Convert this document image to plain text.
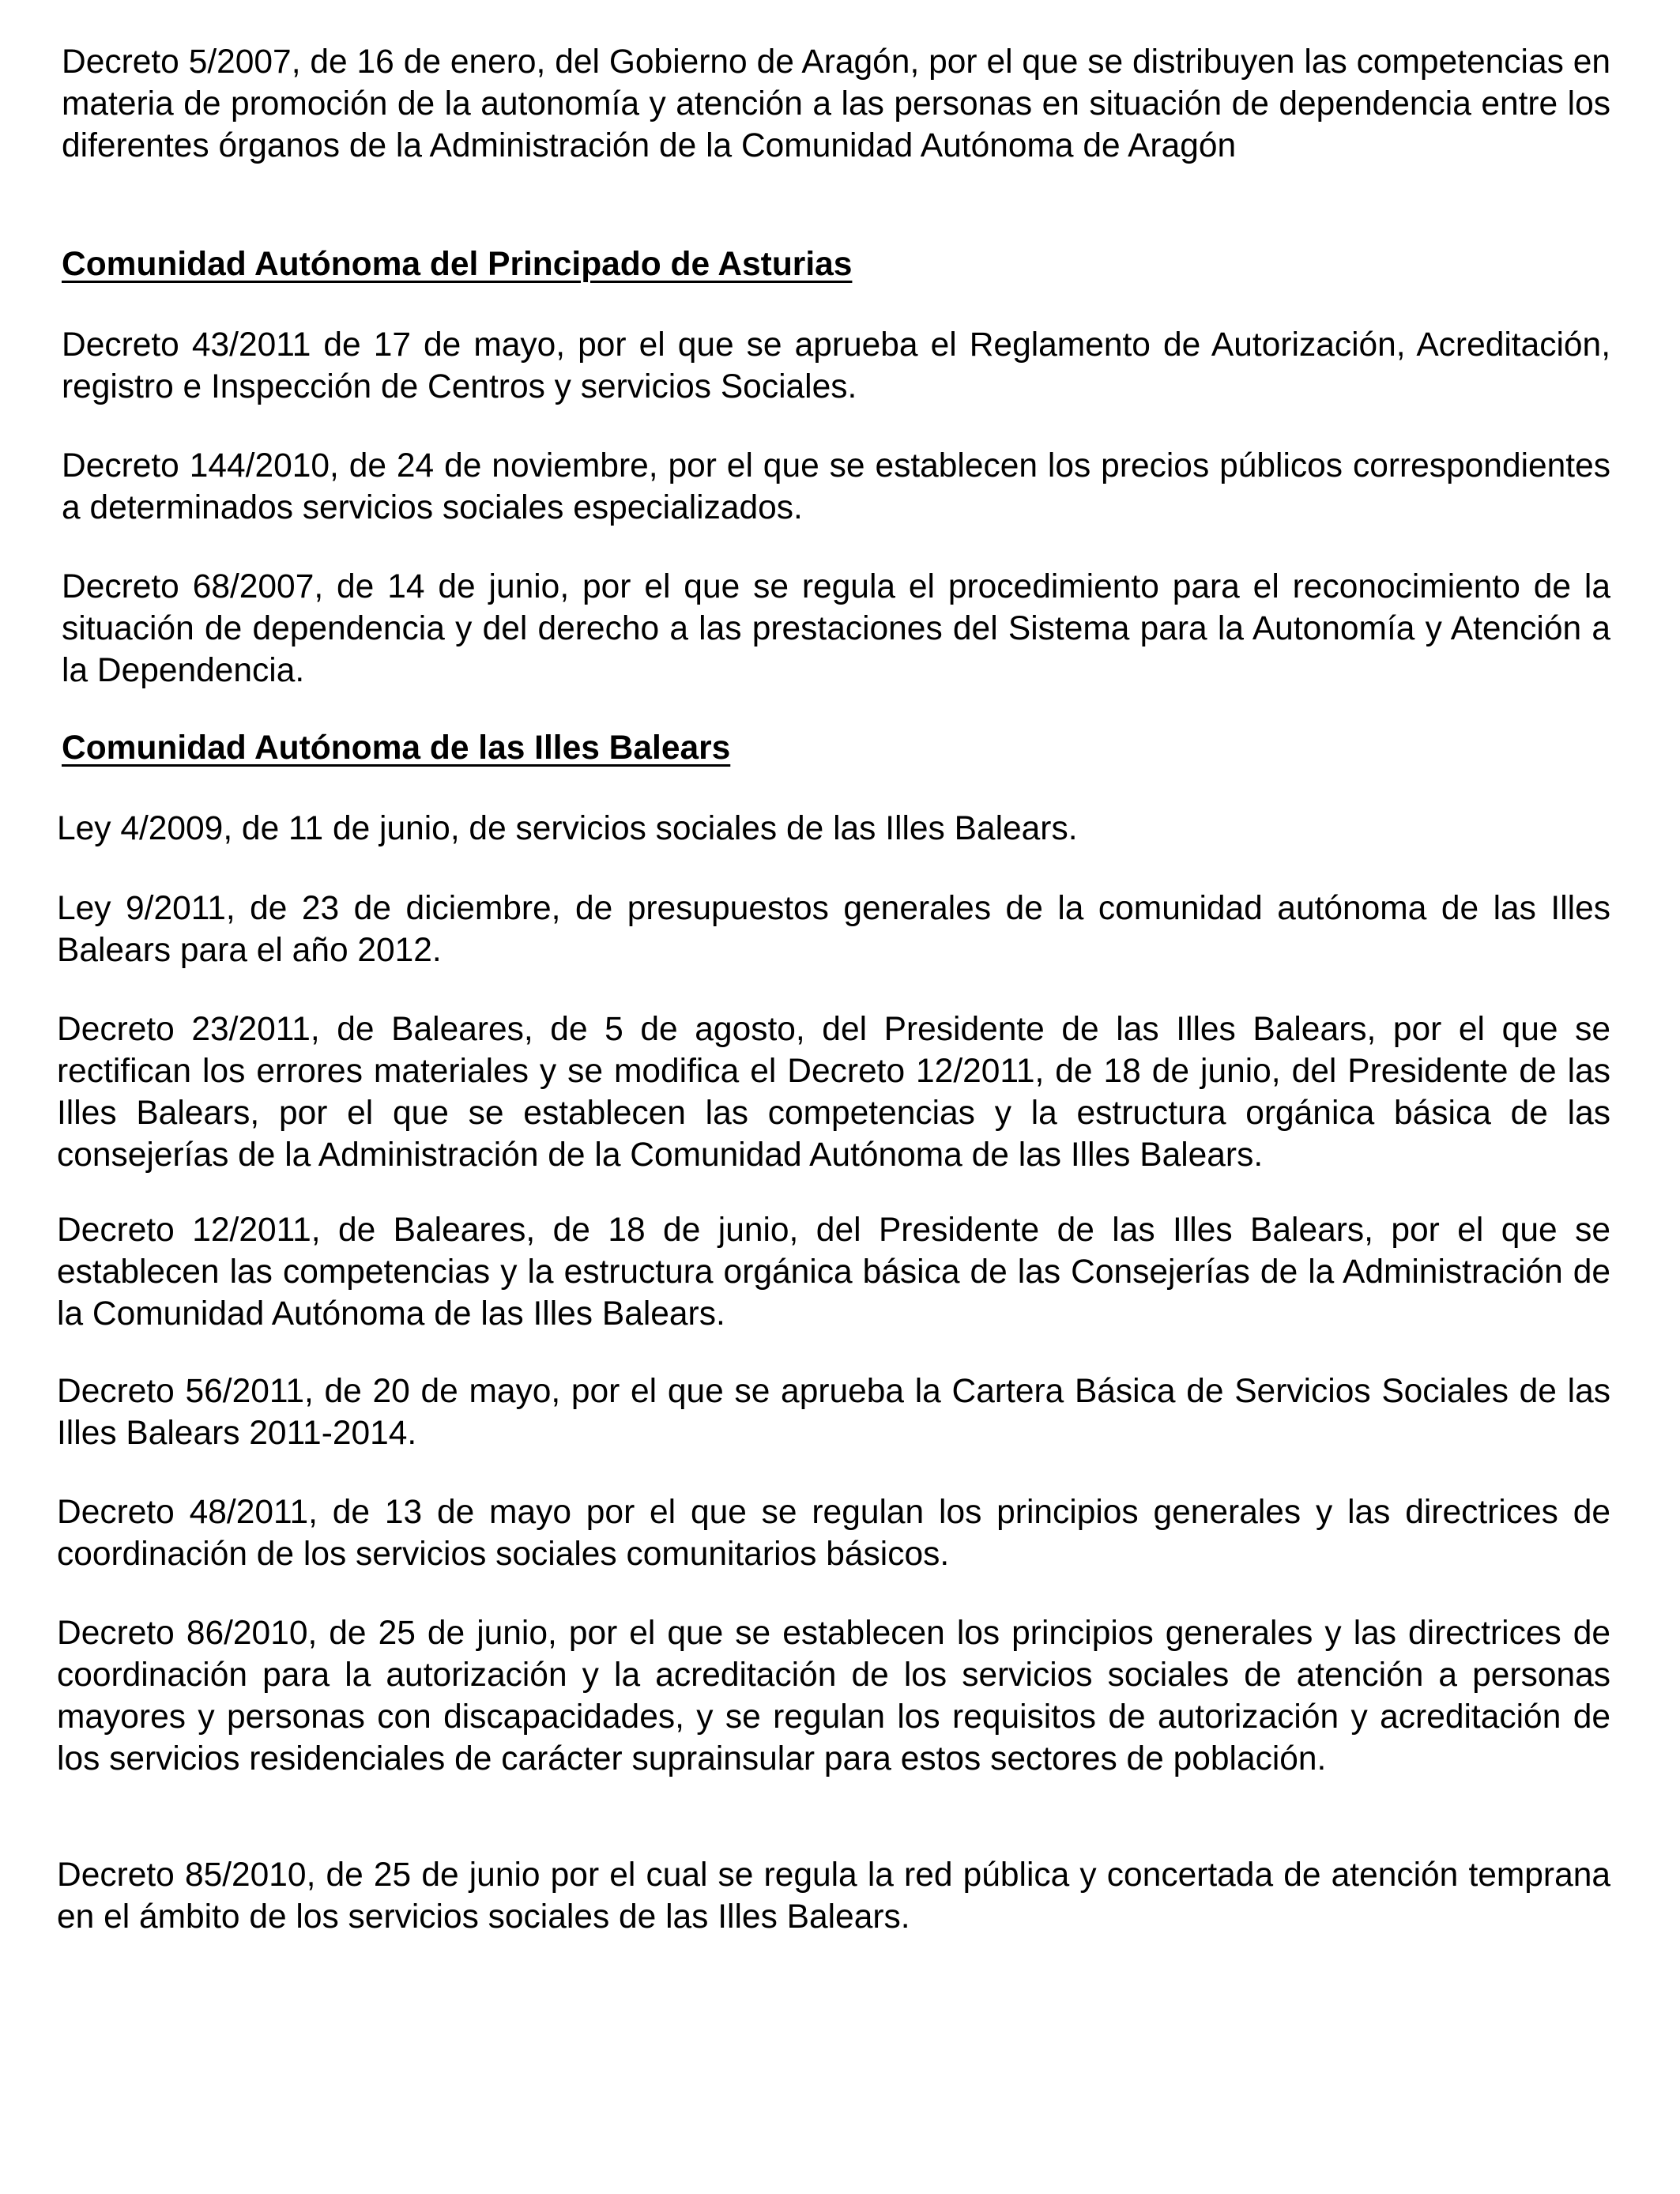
Decreto 5/2007, de 16 de enero, del Gobierno de Aragón, por el que se distribuyen las competencias en materia de promoción de la autonomía y atención a las personas en situación de dependencia entre los diferentes órganos de la Administración de la Comunidad Autónoma de Aragón

Comunidad Autónoma del Principado de Asturias

Decreto 43/2011 de 17 de mayo, por el que se aprueba el Reglamento de Autorización, Acreditación, registro e Inspección de Centros y servicios Sociales.

Decreto 144/2010, de 24 de noviembre, por el que se establecen los precios públicos correspondientes a determinados servicios sociales especializados.

Decreto 68/2007, de 14 de junio, por el que se regula el procedimiento para el reconocimiento de la situación de dependencia y del derecho a las prestaciones del Sistema para la Autonomía y Atención a la Dependencia.

Comunidad Autónoma de las Illes Balears

Ley 4/2009, de 11 de junio, de servicios sociales de las Illes Balears.

Ley 9/2011, de 23 de diciembre, de presupuestos generales de la comunidad autónoma de las Illes Balears para el año 2012.

Decreto 23/2011, de Baleares, de 5 de agosto, del Presidente de las Illes Balears, por el que se rectifican los errores materiales y se modifica el Decreto 12/2011, de 18 de junio, del Presidente de las Illes Balears, por el que se establecen las competencias y la estructura orgánica básica de las consejerías de la Administración de la Comunidad Autónoma de las Illes Balears.

Decreto 12/2011, de Baleares, de 18 de junio, del Presidente de las Illes Balears, por el que se establecen las competencias y la estructura orgánica básica de las Consejerías de la Administración de la Comunidad Autónoma de las Illes Balears.

Decreto 56/2011, de 20 de mayo, por el que se aprueba la Cartera Básica de Servicios Sociales de las Illes Balears 2011-2014.

Decreto 48/2011, de 13 de mayo por el que se regulan los principios generales y las directrices de coordinación de los servicios sociales comunitarios básicos.

Decreto 86/2010, de 25 de junio, por el que se establecen los principios generales y las directrices de coordinación para la autorización y la acreditación de los servicios sociales de atención a personas mayores y personas con discapacidades, y se regulan los requisitos de autorización y acreditación de los servicios residenciales de carácter suprainsular para estos sectores de población.

Decreto 85/2010, de 25 de junio por el cual se regula la red pública y concertada de atención temprana en el ámbito de los servicios sociales de las Illes Balears.
